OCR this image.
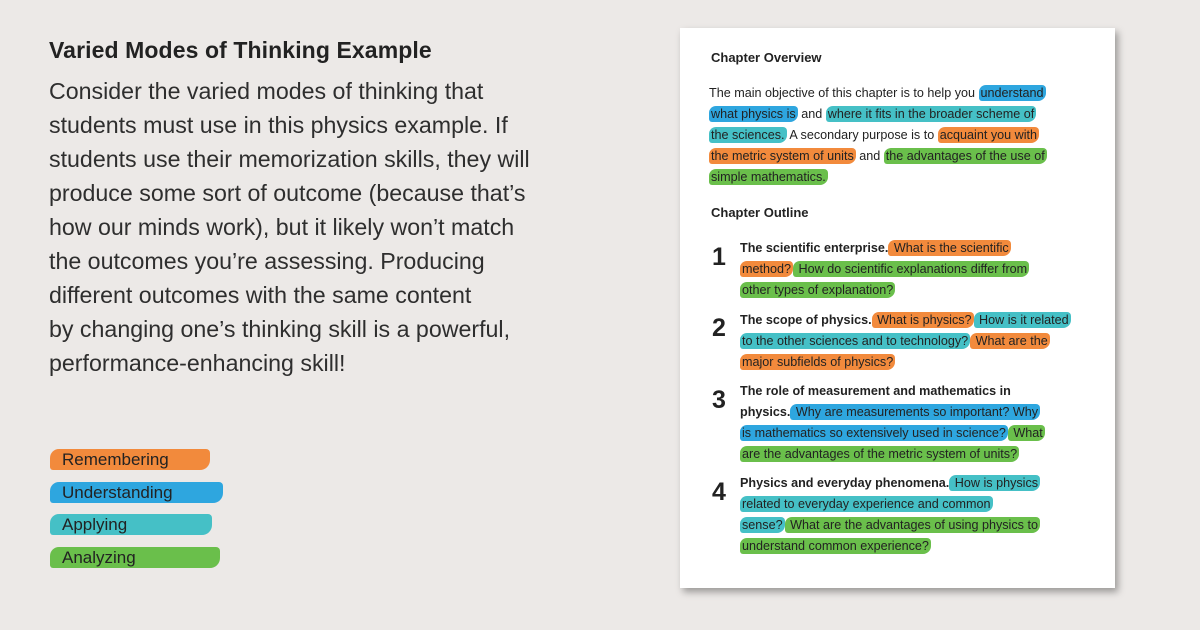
Varied Modes of Thinking Example
Consider the varied modes of thinking that
students must use in this physics example. If
students use their memorization skills, they will
produce some sort of outcome (because that’s
how our minds work), but it likely won’t match
the outcomes you’re assessing. Producing
different outcomes with the same content
by changing one’s thinking skill is a powerful,
performance-enhancing skill!
Remembering
Understanding
Applying
Analyzing
Chapter Overview
The main objective of this chapter is to help you understand
what physics is and where it fits in the broader scheme of
the sciences. A secondary purpose is to acquaint you with
the metric system of units and the advantages of the use of
simple mathematics.
Chapter Outline
1 The scientific enterprise. What is the scientific
method? How do scientific explanations differ from
other types of explanation?
2 The scope of physics. What is physics? How is it related
to the other sciences and to technology? What are the
major subfields of physics?
3 The role of measurement and mathematics in
physics. Why are measurements so important? Why
is mathematics so extensively used in science? What
are the advantages of the metric system of units?
4 Physics and everyday phenomena. How is physics
related to everyday experience and common
sense? What are the advantages of using physics to
understand common experience?
